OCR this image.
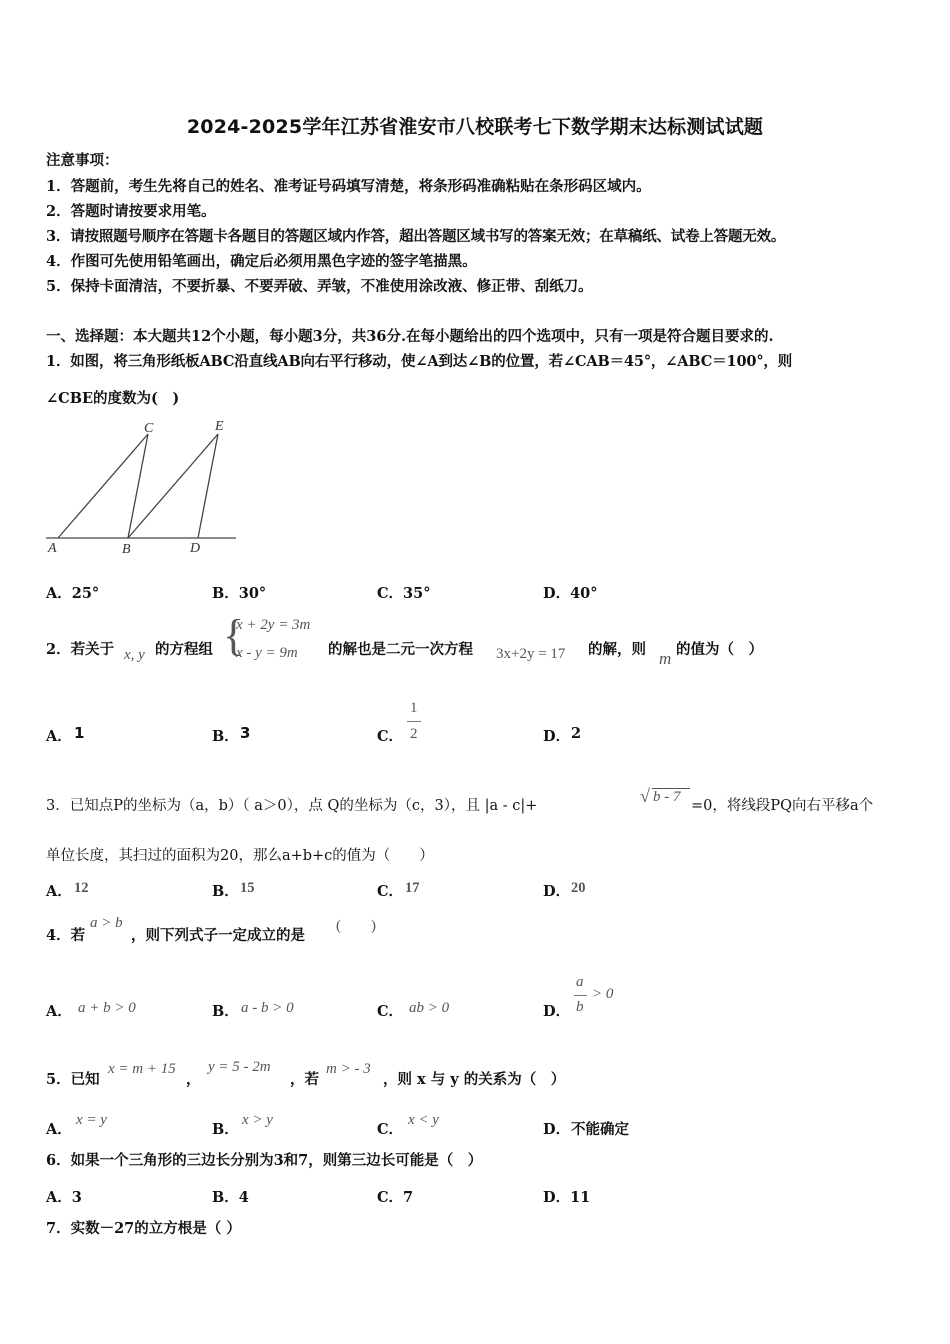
2024-2025学年江苏省淮安市八校联考七下数学期末达标测试试题
注意事项：
1．答题前，考生先将自己的姓名、准考证号码填写清楚，将条形码准确粘贴在条形码区域内。
2．答题时请按要求用笔。
3．请按照题号顺序在答题卡各题目的答题区域内作答，超出答题区域书写的答案无效；在草稿纸、试卷上答题无效。
4．作图可先使用铅笔画出，确定后必须用黑色字迹的签字笔描黑。
5．保持卡面清洁，不要折暴、不要弄破、弄皱，不准使用涂改液、修正带、刮纸刀。
一、选择题：本大题共12个小题，每小题3分，共36分.在每小题给出的四个选项中，只有一项是符合题目要求的.
1．如图，将三角形纸板ABC沿直线AB向右平行移动，使∠A到达∠B的位置，若∠CAB＝45°，∠ABC＝100°，则
∠CBE的度数为(　)
A	B	D
C	E
A．25°	B．30°	C．35°	D．40°
2．若关于 x, y 的方程组 {
x + 2y = 3m
x - y = 9m 的解也是二元一次方程 3x+2y = 17 的解，则 m 的值为（　）
A． 1	B． 3	C．
1
2	D． 2
3．已知点P的坐标为（a，b）（ a＞0），点 Q的坐标为（c，3），且 |a - c|+	√ b - 7
=0，将线段PQ向右平移a个
单位长度，其扫过的面积为20，那么a+b+c的值为（　　）
A． 12	B． 15	C． 17	D． 20
4．若
a > b
，则下列式子一定成立的是
(　　)
A． a + b > 0	B． a - b > 0	C． ab > 0	D．
a
b
> 0
5．已知
x = m + 15
，
y = 5 - 2m
，若
m > - 3
，则 x 与 y 的关系为（　）
A．
x = y
B．
x > y
C．
x < y
D． 不能确定
6．如果一个三角形的三边长分别为3和7，则第三边长可能是（　）
A．3	B．4	C．7	D．11
7．实数－27的立方根是（ ）
